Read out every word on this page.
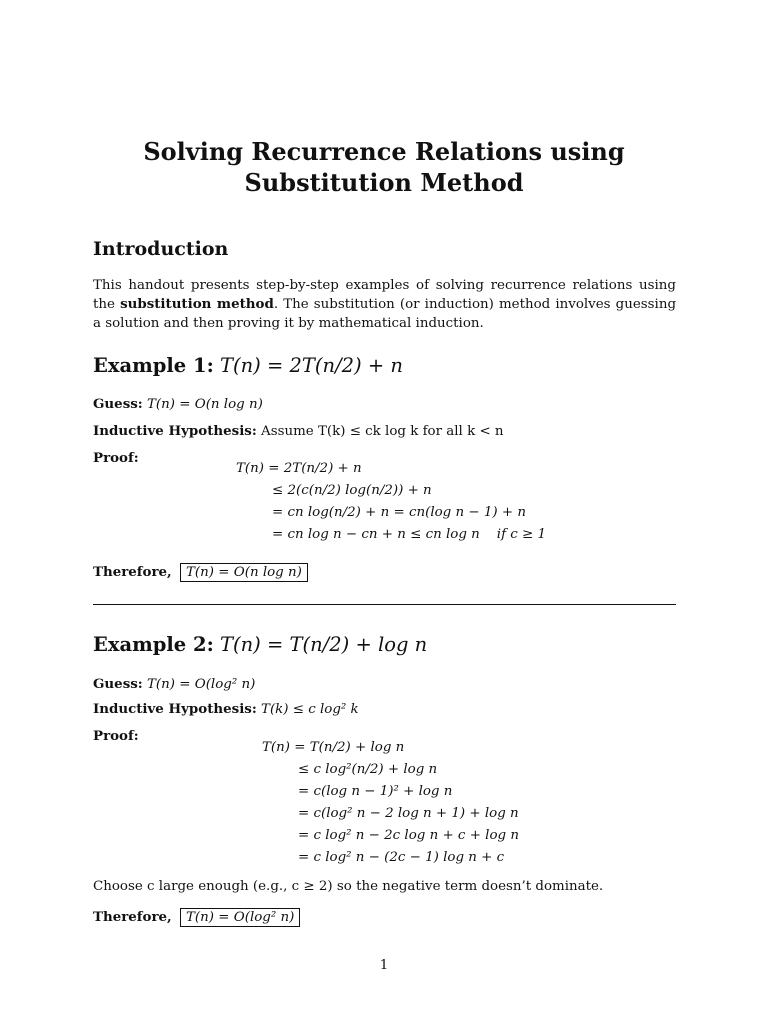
Solving Recurrence Relations using
Substitution Method
Introduction
This handout presents step-by-step examples of solving recurrence relations using the substitution method. The substitution (or induction) method involves guessing a solution and then proving it by mathematical induction.
Example 1: T(n) = 2T(n/2) + n
Guess: T(n) = O(n log n)
Inductive Hypothesis: Assume T(k) ≤ ck log k for all k < n
Proof:
T(n) = 2T(n/2) + n
≤ 2(c(n/2) log(n/2)) + n
= cn log(n/2) + n = cn(log n − 1) + n
= cn log n − cn + n ≤ cn log n    if c ≥ 1
Therefore, T(n) = O(n log n)
Example 2: T(n) = T(n/2) + log n
Guess: T(n) = O(log² n)
Inductive Hypothesis: T(k) ≤ c log² k
Proof:
T(n) = T(n/2) + log n
≤ c log²(n/2) + log n
= c(log n − 1)² + log n
= c(log² n − 2 log n + 1) + log n
= c log² n − 2c log n + c + log n
= c log² n − (2c − 1) log n + c
Choose c large enough (e.g., c ≥ 2) so the negative term doesn’t dominate.
Therefore, T(n) = O(log² n)
1
